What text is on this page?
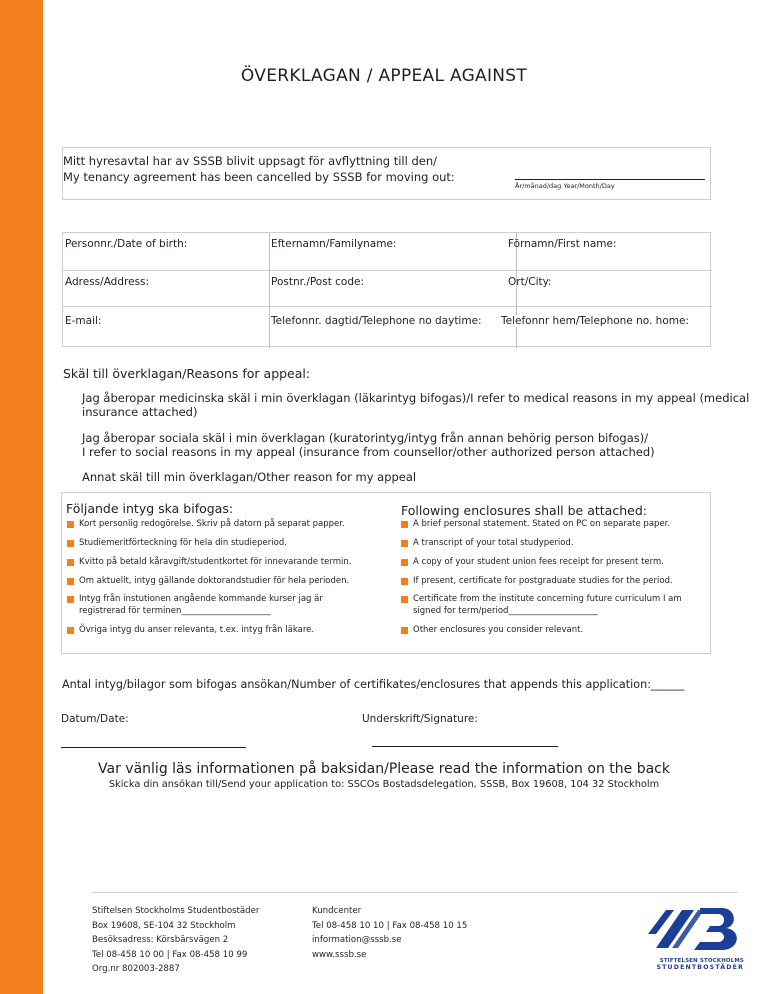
ÖVERKLAGAN / APPEAL AGAINST
Mitt hyresavtal har av SSSB blivit uppsagt för avflyttning till den/
My tenancy agreement has been cancelled by SSSB for moving out:
År/månad/dag Year/Month/Day
Personnr./Date of birth:	Efternamn/Familyname:	Förnamn/First name:
Adress/Address:	Postnr./Post code:	Ort/City:
E-mail:	Telefonnr. dagtid/Telephone no daytime: Telefonnr hem/Telephone no. home:
Skäl till överklagan/Reasons for appeal:
Jag åberopar medicinska skäl i min överklagan (läkarintyg bifogas)/I refer to medical reasons in my appeal (medical
insurance attached)
Jag åberopar sociala skäl i min överklagan (kuratorintyg/intyg från annan behörig person bifogas)/
I refer to social reasons in my appeal (insurance from counsellor/other authorized person attached)
Annat skäl till min överklagan/Other reason for my appeal
Följande intyg ska bifogas:	Following enclosures shall be attached:
Kort personlig redogörelse. Skriv på datorn på separat papper.
Studiemeritförteckning för hela din studieperiod.
Kvitto på betald kåravgift/studentkortet för innevarande termin.
Om aktuellt, intyg gällande doktorandstudier för hela perioden.
Intyg från instutionen angående kommande kurser jag är
registrerad för terminen_____________________
Övriga intyg du anser relevanta, t.ex. intyg från läkare.
A brief personal statement. Stated on PC on separate paper.
A transcript of your total studyperiod.
A copy of your student union fees receipt for present term.
If present, certificate for postgraduate studies for the period.
Certificate from the institute concerning future curriculum I am
signed for term/period_____________________
Other enclosures you consider relevant.
Antal intyg/bilagor som bifogas ansökan/Number of certifikates/enclosures that appends this application:______
Datum/Date:	Underskrift/Signature:
Var vänlig läs informationen på baksidan/Please read the information on the back
Skicka din ansökan till/Send your application to: SSCOs Bostadsdelegation, SSSB, Box 19608, 104 32 Stockholm
Stiftelsen Stockholms Studentbostäder
Box 19608, SE-104 32 Stockholm
Besöksadress: Körsbärsvägen 2
Tel 08-458 10 00 | Fax 08-458 10 99
Org.nr 802003-2887
Kundcenter
Tel 08-458 10 10 | Fax 08-458 10 15
information@sssb.se
www.sssb.se
STIFTELSEN STOCKHOLMS
STUDENTBOSTÄDER
